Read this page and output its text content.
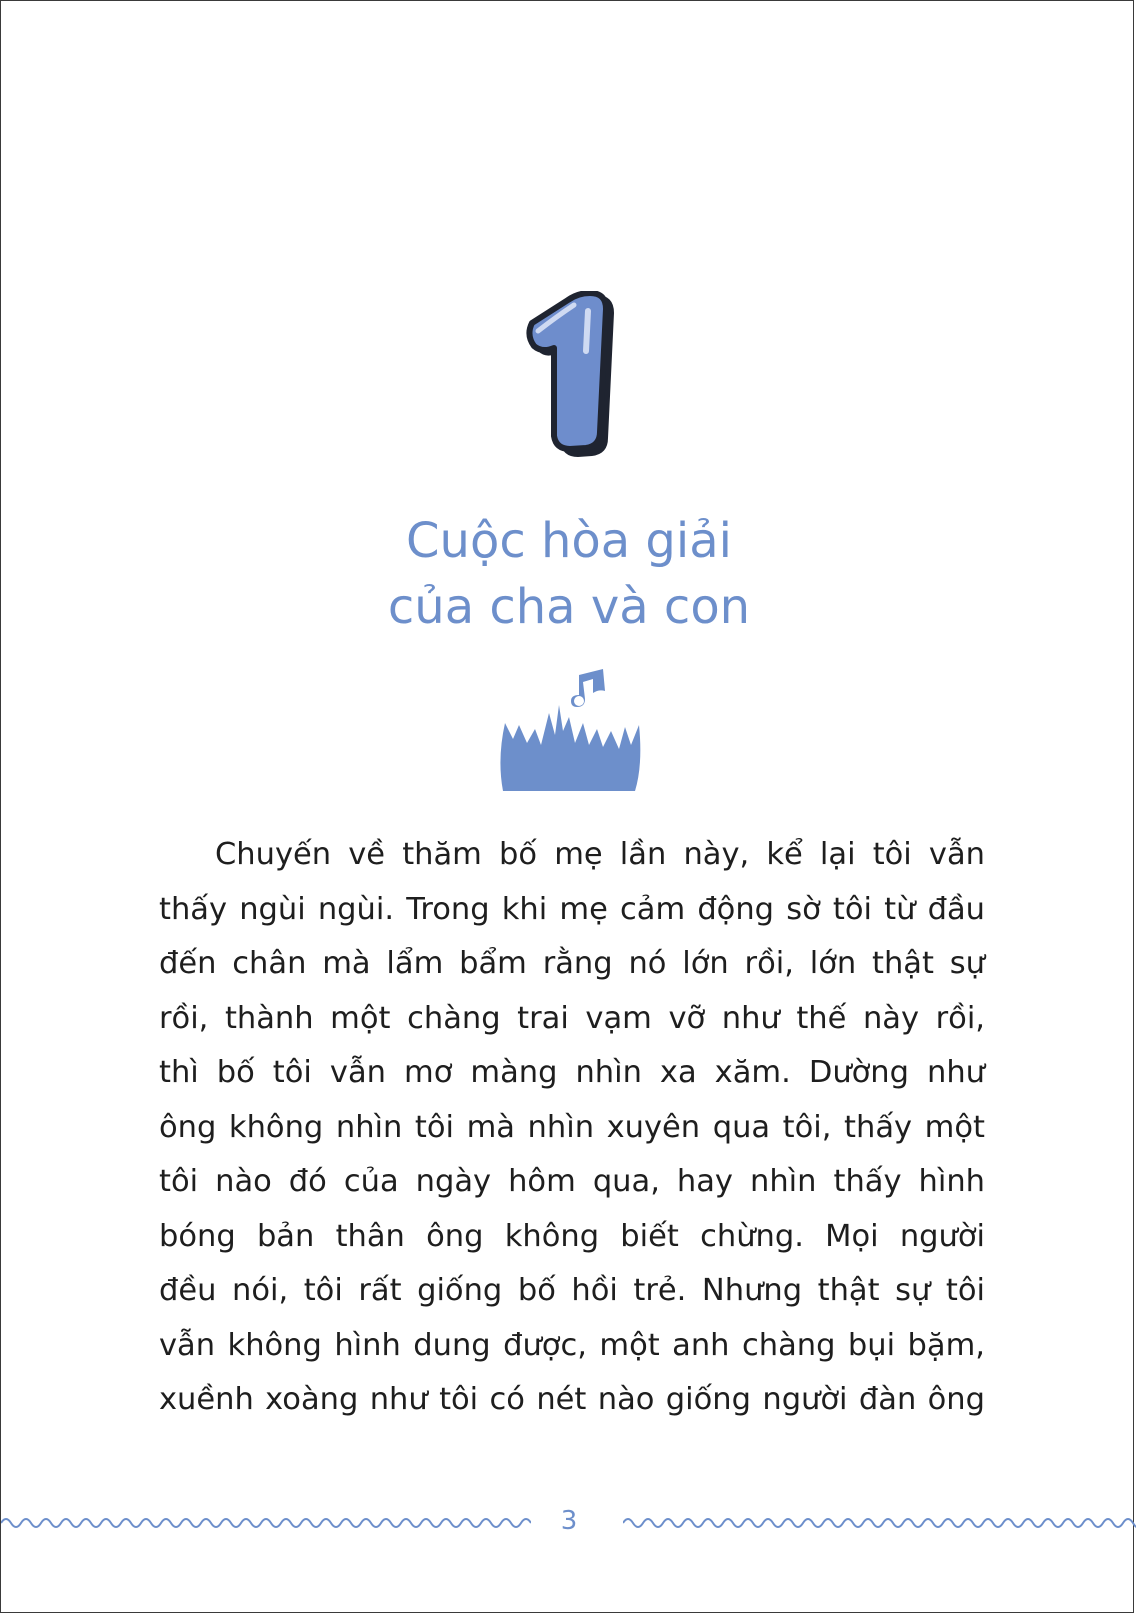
Cuộc hòa giải
của cha và con
Chuyến về thăm bố mẹ lần này, kể lại tôi vẫn
thấy ngùi ngùi. Trong khi mẹ cảm động sờ tôi từ đầu
đến chân mà lẩm bẩm rằng nó lớn rồi, lớn thật sự
rồi, thành một chàng trai vạm vỡ như thế này rồi,
thì bố tôi vẫn mơ màng nhìn xa xăm. Dường như
ông không nhìn tôi mà nhìn xuyên qua tôi, thấy một
tôi nào đó của ngày hôm qua, hay nhìn thấy hình
bóng bản thân ông không biết chừng. Mọi người
đều nói, tôi rất giống bố hồi trẻ. Nhưng thật sự tôi
vẫn không hình dung được, một anh chàng bụi bặm,
xuềnh xoàng như tôi có nét nào giống người đàn ông
3
